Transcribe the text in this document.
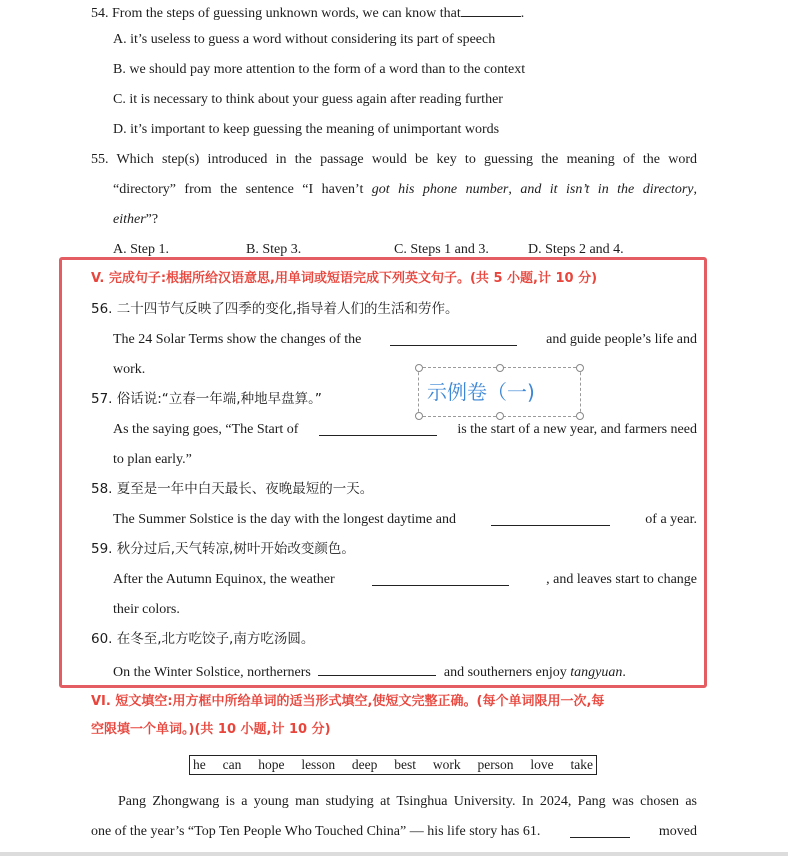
54. From the steps of guessing unknown words, we can know that	.
A. it’s useless to guess a word without considering its part of speech
B. we should pay more attention to the form of a word than to the context
C. it is necessary to think about your guess again after reading further
D. it’s important to keep guessing the meaning of unimportant words
55. Which step(s) introduced in the passage would be key to guessing the meaning of the word
“directory” from the sentence “I haven’t got his phone number, and it isn’t in the directory,
either”?
A. Step 1.	B. Step 3.	C. Steps 1 and 3.	D. Steps 2 and 4.
V. 完成句子:根据所给汉语意思,用单词或短语完成下列英文句子。(共 5 小题,计 10 分)
56. 二十四节气反映了四季的变化,指导着人们的生活和劳作。
The 24 Solar Terms show the changes of the	and guide people’s life and
work.
57. 俗话说:“立春一年端,种地早盘算。”
As the saying goes, “The Start of	is the start of a new year, and farmers need
to plan early.”
58. 夏至是一年中白天最长、夜晚最短的一天。
The Summer Solstice is the day with the longest daytime and	of a year.
59. 秋分过后,天气转凉,树叶开始改变颜色。
After the Autumn Equinox, the weather	, and leaves start to change
their colors.
60. 在冬至,北方吃饺子,南方吃汤圆。
On the Winter Solstice, northerners	and southerners enjoy tangyuan.
示例卷（一)
VI. 短文填空:用方框中所给单词的适当形式填空,使短文完整正确。(每个单词限用一次,每
空限填一个单词。)(共 10 小题,计 10 分)
he can hope lesson deep best work person love take
Pang Zhongwang is a young man studying at Tsinghua University. In 2024, Pang was chosen as
one of the year’s “Top Ten People Who Touched China” — his life story has 61.	moved
